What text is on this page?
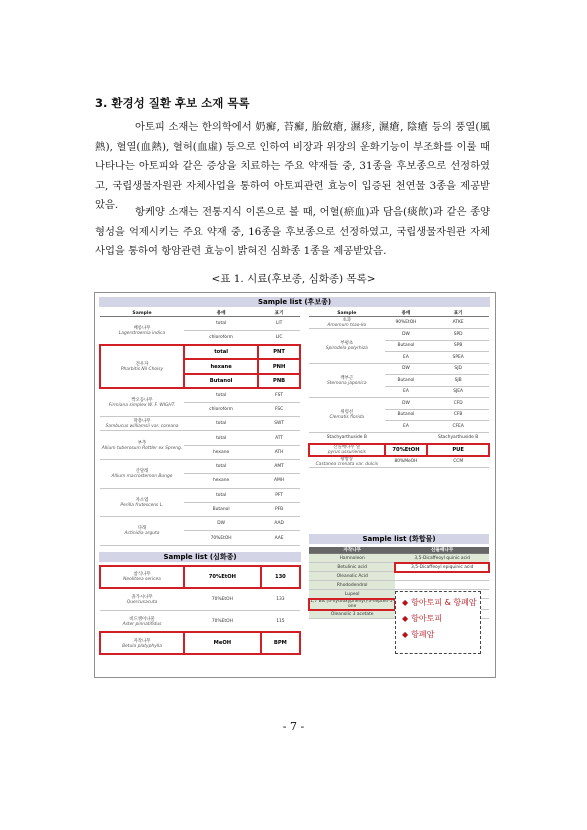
3. 환경성 질환 후보 소재 목록
아토피 소재는 한의학에서 奶癬, 苔癬, 胎斂瘡, 濕疹, 濕瘡, 陰瘡 등의 풍열(風熱), 혈열(血熱), 혈허(血虛) 등으로 인하여 비장과 위장의 운화기능이 부조화를 이룰 때 나타나는 아토피와 같은 증상을 치료하는 주요 약재들 중, 31종을 후보종으로 선정하였고, 국립생물자원관 자체사업을 통하여 아토피관련 효능이 입증된 천연물 3종을 제공받았음.
항케양 소재는 전통지식 이론으로 볼 때, 어혈(瘀血)과 담음(痰飮)과 같은 종양 형성을 억제시키는 주요 약재 중, 16종을 후보종으로 선정하였고, 국립생물자원관 자체사업을 통하여 항암관련 효능이 밝혀진 심화종 1종을 제공받았음.
<표 1. 시료(후보종, 심화종) 목록>
Sample list (후보종)
Sample	용매	표기
배롱나무
Lagerstroemia indica	total	LIT
	chloroform	LIC
견우자
Pharbitis Nil Choisy	total	PNT
	hexane	PNH
	Butanol	PNB
짝오동나무
Firmiana simplex W. F. WIGHT.	total	FST
	chloroform	FSC
딱총나무
Sambucus williamsii var. coreana	total	SWT
부추
Allium tuberosum Rottler ex Spreng.	total	ATT
	hexane	ATH
산달래
Allium macrostemon Bunge	total	AMT
	hexane	AMH
자소엽
Perilla frutescens L.	total	PFT
	Butanol	PFB
다래
Actinidia arguta	DW	AAD
	70%EtOH	AAE
Sample	용매	표기
초과
Amomum tsao-ko	90%EtOH	ATKE
부평초
Spirodela polyrhiza	DW	SPD
	Butanol	SPB
	EA	SPEA
백부근
Stemona japonica	DW	SJD
	Butanol	SJB
	EA	SJEA
위령선
Clematis florida	DW	CFD
	Butanol	CFB
	EA	CFEA
Stachyarthuside B		Stachyarthuside B
산돌배나무 잎
pyrus ussuriensis	70%EtOH	PUE
왕밤송
Castanea crenata var. dulcis	80%MeOH	CCM
Sample list (심화종)
참식나무
Neolitsea sericea	70%EtOH	130
졸가시나무
Quercusacuta	70%EtOH	133
비드깽이나물
Aster pinnatifidus	70%EtOH	115
자작나무
Betula platyphylla	MeOH	BPM
Sample list (화합물)
자작나무	산돌배나무
Hamnoleon	3,5-Dicaffeoyl quinic acid
Betulinic acid	3,5-Dicaffeoyl epiquinic acid
Oleanolic Acid	
Rhododendrol	
Lupeol	
1,7 Bis [4-hydroxyphenyl]-3-hepten-5-one	
Oleanolic 3 acetate	
◆ 항아토피 & 항폐암
◆ 항아토피
◆ 항폐암
- 7 -
